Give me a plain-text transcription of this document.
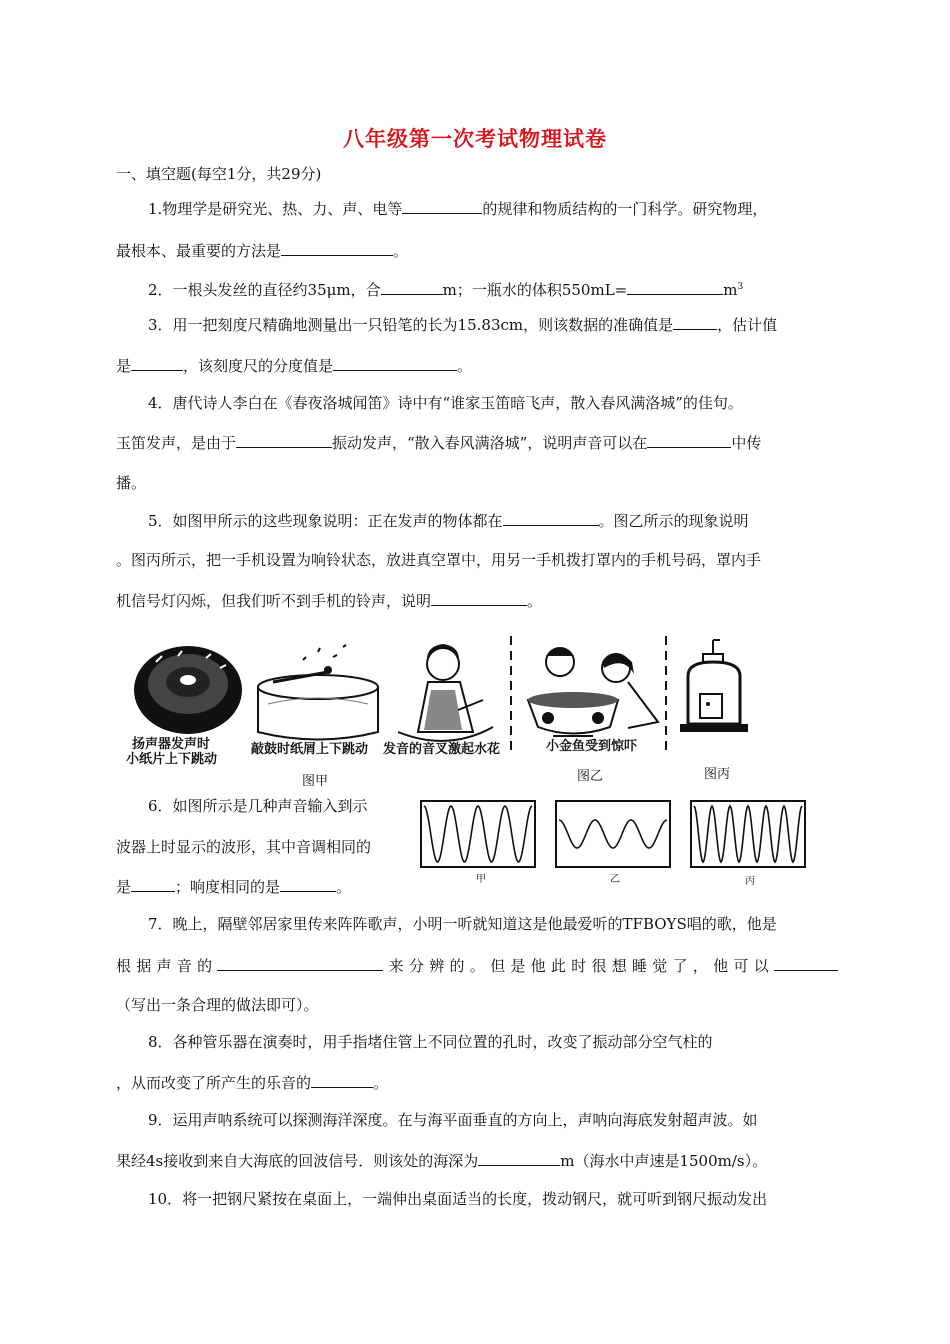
八年级第一次考试物理试卷
一、填空题(每空1分，共29分)
1.物理学是研究光、热、力、声、电等	的规律和物质结构的一门科学。研究物理，
最根本、最重要的方法是	。
2．一根头发丝的直径约35μm，合	m；一瓶水的体积550mL=	$m^3$
3．用一把刻度尺精确地测量出一只铅笔的长为15.83cm，则该数据的准确值是	，估计值
是	，该刻度尺的分度值是	。
4．唐代诗人李白在《春夜洛城闻笛》诗中有“谁家玉笛暗飞声，散入春风满洛城”的佳句。
玉笛发声，是由于	振动发声，“散入春风满洛城”，说明声音可以在	中传
播。
5．如图甲所示的这些现象说明：正在发声的物体都在	。图乙所示的现象说明
。图丙所示，把一手机设置为响铃状态，放进真空罩中，用另一手机拨打罩内的手机号码，罩内手
机信号灯闪烁，但我们听不到手机的铃声，说明	。
扬声器发声时
小纸片上下跳动
敲鼓时纸屑上下跳动 发音的音叉激起水花	小金鱼受到惊吓
图甲	图乙	图丙
6．如图所示是几种声音输入到示
波器上时显示的波形，其中音调相同的
是	；响度相同的是	。	甲	乙	丙
7．晚上，隔壁邻居家里传来阵阵歌声，小明一听就知道这是他最爱听的TFBOYS唱的歌，他是
根据声音的	来分辨的。但是他此时很想睡觉了，他可以
（写出一条合理的做法即可）。
8．各种管乐器在演奏时，用手指堵住管上不同位置的孔时，改变了振动部分空气柱的
，从而改变了所产生的乐音的	。
9．运用声呐系统可以探测海洋深度。在与海平面垂直的方向上，声呐向海底发射超声波。如
果经4s接收到来自大海底的回波信号．则该处的海深为	m（海水中声速是1500m/s）。
10．将一把钢尺紧按在桌面上，一端伸出桌面适当的长度，拨动钢尺，就可听到钢尺振动发出
